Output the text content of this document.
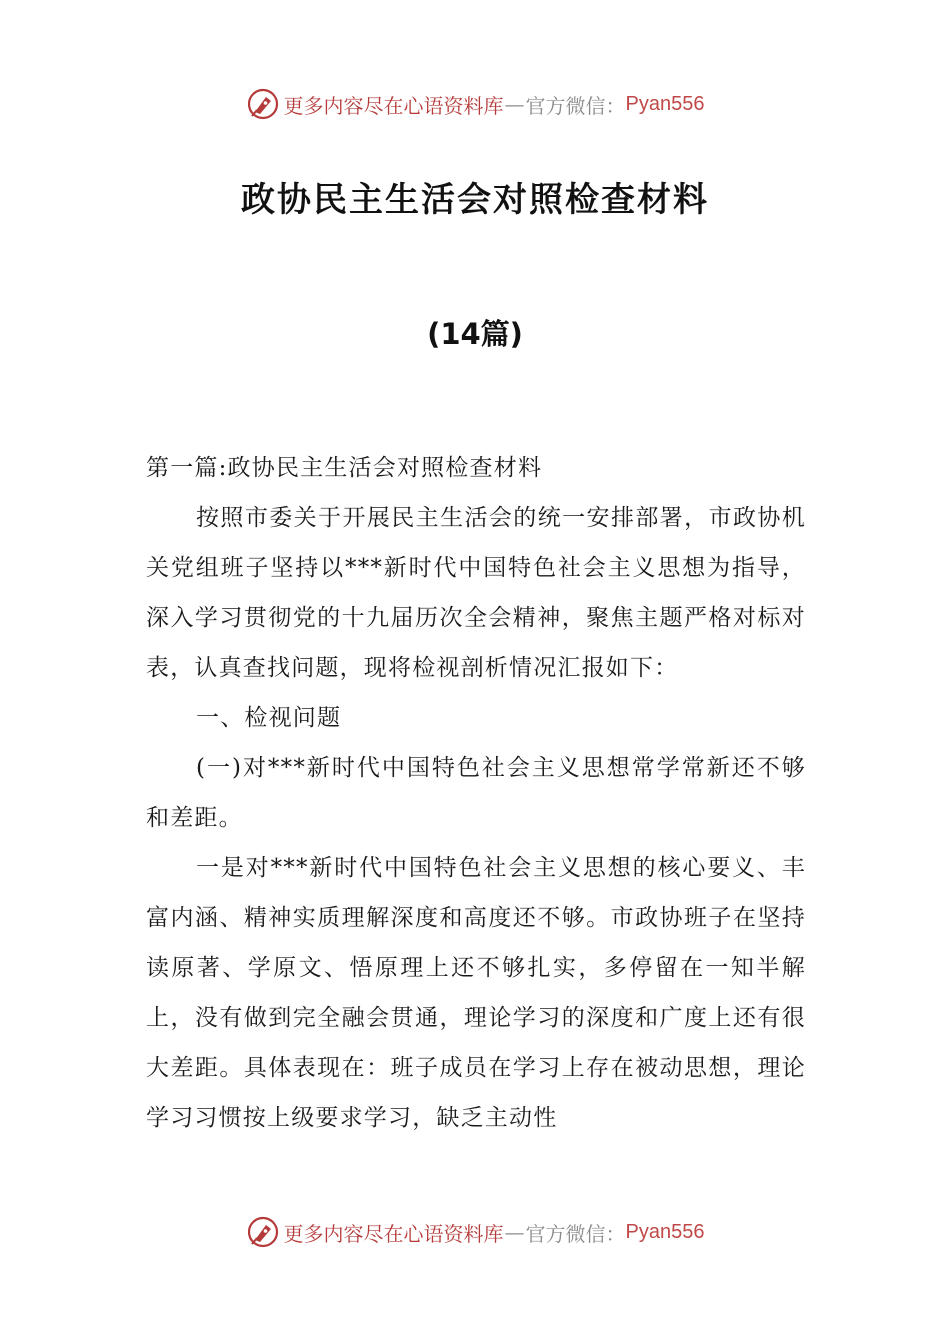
更多内容尽在心语资料库 — 官方微信： Pyan556
政协民主生活会对照检查材料
(14篇)

第一篇:政协民主生活会对照检查材料

按照市委关于开展民主生活会的统一安排部署，市政协机关党组班子坚持以***新时代中国特色社会主义思想为指导，深入学习贯彻党的十九届历次全会精神，聚焦主题严格对标对表，认真查找问题，现将检视剖析情况汇报如下：

一、检视问题

(一)对***新时代中国特色社会主义思想常学常新还不够和差距。

一是对***新时代中国特色社会主义思想的核心要义、丰富内涵、精神实质理解深度和高度还不够。市政协班子在坚持读原著、学原文、悟原理上还不够扎实，多停留在一知半解上，没有做到完全融会贯通，理论学习的深度和广度上还有很大差距。具体表现在：班子成员在学习上存在被动思想，理论学习习惯按上级要求学习，缺乏主动性

更多内容尽在心语资料库 — 官方微信： Pyan556
